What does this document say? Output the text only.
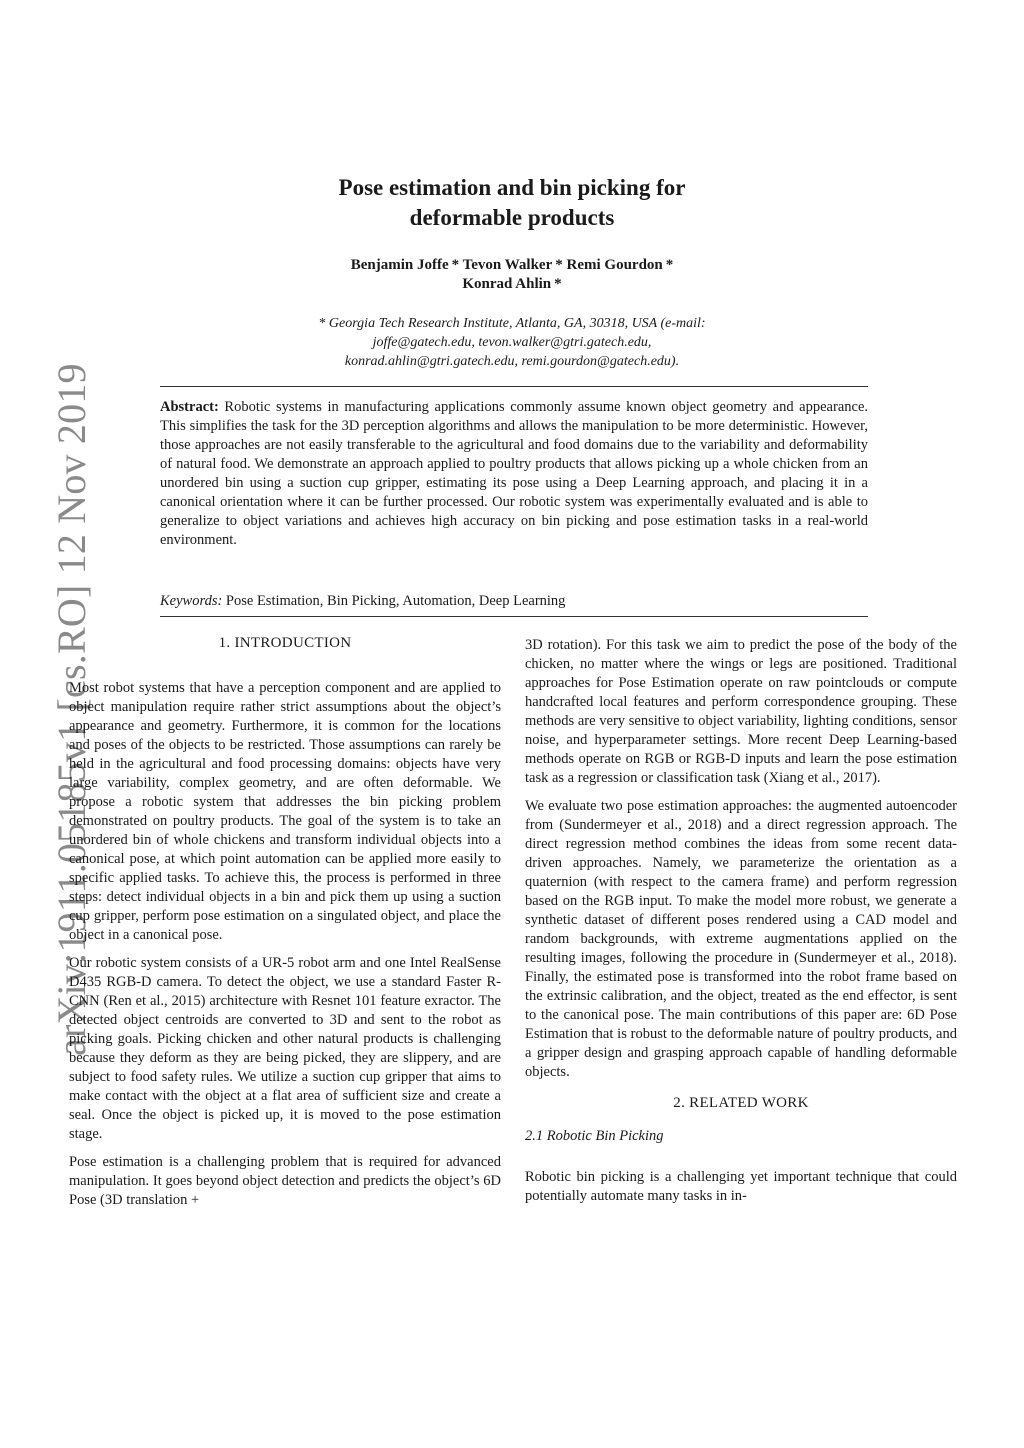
arXiv:1911.05185v1 [cs.RO] 12 Nov 2019
Pose estimation and bin picking for
deformable products
Benjamin Joffe * Tevon Walker * Remi Gourdon *
Konrad Ahlin *
* Georgia Tech Research Institute, Atlanta, GA, 30318, USA (e-mail:
joffe@gatech.edu, tevon.walker@gtri.gatech.edu,
konrad.ahlin@gtri.gatech.edu, remi.gourdon@gatech.edu).

Abstract: Robotic systems in manufacturing applications commonly assume known object geometry and appearance. This simplifies the task for the 3D perception algorithms and allows the manipulation to be more deterministic. However, those approaches are not easily transferable to the agricultural and food domains due to the variability and deformability of natural food. We demonstrate an approach applied to poultry products that allows picking up a whole chicken from an unordered bin using a suction cup gripper, estimating its pose using a Deep Learning approach, and placing it in a canonical orientation where it can be further processed. Our robotic system was experimentally evaluated and is able to generalize to object variations and achieves high accuracy on bin picking and pose estimation tasks in a real-world environment.

Keywords: Pose Estimation, Bin Picking, Automation, Deep Learning

1. INTRODUCTION

Most robot systems that have a perception component and are applied to object manipulation require rather strict assumptions about the object’s appearance and geometry. Furthermore, it is common for the locations and poses of the objects to be restricted. Those assumptions can rarely be held in the agricultural and food processing domains: objects have very large variability, complex geometry, and are often deformable. We propose a robotic system that addresses the bin picking problem demonstrated on poultry products. The goal of the system is to take an unordered bin of whole chickens and transform individual objects into a canonical pose, at which point automation can be applied more easily to specific applied tasks. To achieve this, the process is performed in three steps: detect individual objects in a bin and pick them up using a suction cup gripper, perform pose estimation on a singulated object, and place the object in a canonical pose.

Our robotic system consists of a UR-5 robot arm and one Intel RealSense D435 RGB-D camera. To detect the object, we use a standard Faster R-CNN (Ren et al., 2015) architecture with Resnet 101 feature exractor. The detected object centroids are converted to 3D and sent to the robot as picking goals. Picking chicken and other natural products is challenging because they deform as they are being picked, they are slippery, and are subject to food safety rules. We utilize a suction cup gripper that aims to make contact with the object at a flat area of sufficient size and create a seal. Once the object is picked up, it is moved to the pose estimation stage.

Pose estimation is a challenging problem that is required for advanced manipulation. It goes beyond object detection and predicts the object’s 6D Pose (3D translation +

3D rotation). For this task we aim to predict the pose of the body of the chicken, no matter where the wings or legs are positioned. Traditional approaches for Pose Estimation operate on raw pointclouds or compute handcrafted local features and perform correspondence grouping. These methods are very sensitive to object variability, lighting conditions, sensor noise, and hyperparameter settings. More recent Deep Learning-based methods operate on RGB or RGB-D inputs and learn the pose estimation task as a regression or classification task (Xiang et al., 2017).

We evaluate two pose estimation approaches: the augmented autoencoder from (Sundermeyer et al., 2018) and a direct regression approach. The direct regression method combines the ideas from some recent data-driven approaches. Namely, we parameterize the orientation as a quaternion (with respect to the camera frame) and perform regression based on the RGB input. To make the model more robust, we generate a synthetic dataset of different poses rendered using a CAD model and random backgrounds, with extreme augmentations applied on the resulting images, following the procedure in (Sundermeyer et al., 2018). Finally, the estimated pose is transformed into the robot frame based on the extrinsic calibration, and the object, treated as the end effector, is sent to the canonical pose. The main contributions of this paper are: 6D Pose Estimation that is robust to the deformable nature of poultry products, and a gripper design and grasping approach capable of handling deformable objects.

2. RELATED WORK
2.1 Robotic Bin Picking

Robotic bin picking is a challenging yet important technique that could potentially automate many tasks in in-
